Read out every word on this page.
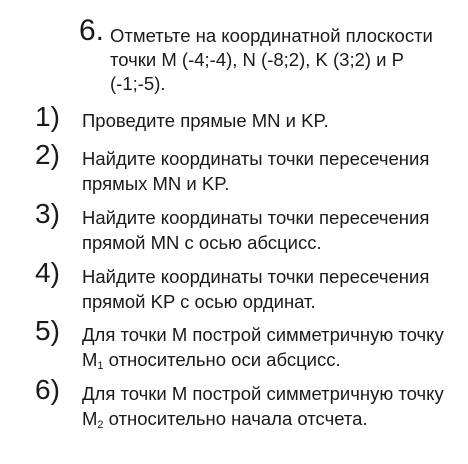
6. Отметьте на координатной плоскости точки M (-4;-4), N (-8;2), K (3;2) и P (-1;-5).
1) Проведите прямые MN и KP.
2) Найдите координаты точки пересечения прямых MN и KP.
3) Найдите координаты точки пересечения прямой MN с осью абсцисс.
4) Найдите координаты точки пересечения прямой KP с осью ординат.
5) Для точки M построй симметричную точку $M_1$ относительно оси абсцисс.
6) Для точки M построй симметричную точку $M_2$ относительно начала отсчета.
